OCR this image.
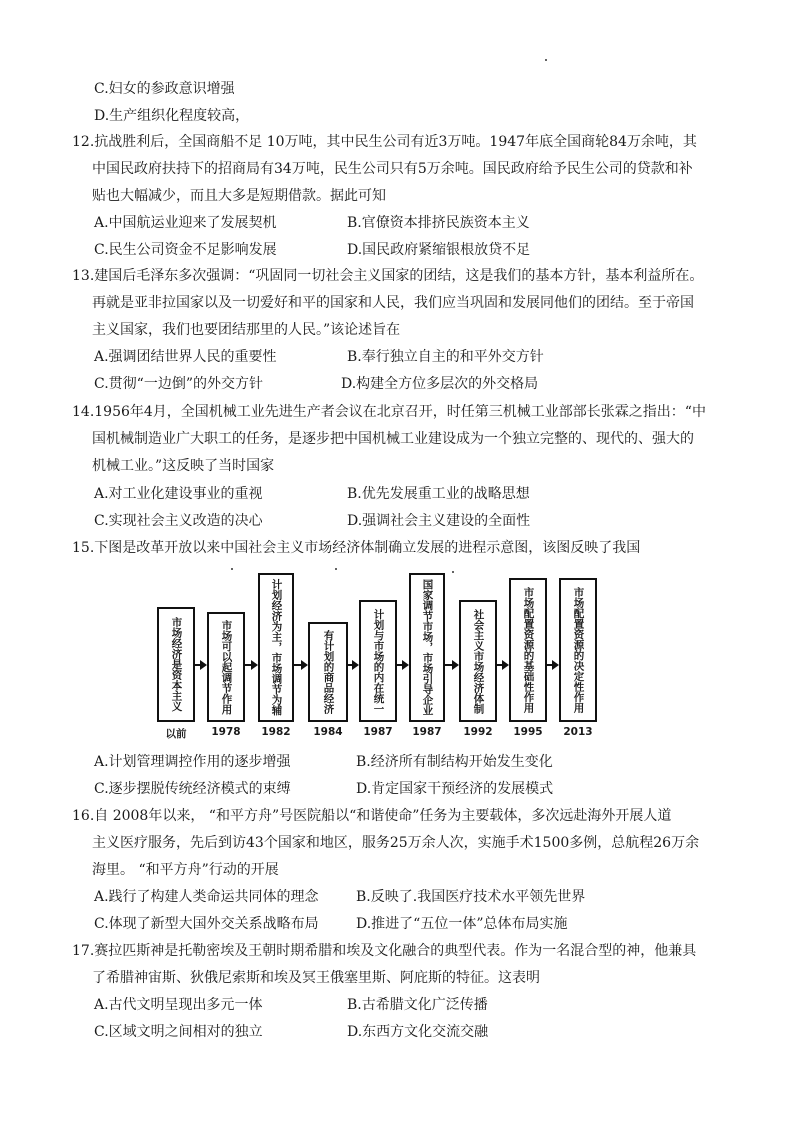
C.妇女的参政意识增强
D.生产组织化程度较高，
12.抗战胜利后，全国商船不足 10万吨，其中民生公司有近3万吨。1947年底全国商轮84万余吨，其
中国民政府扶持下的招商局有34万吨，民生公司只有5万余吨。国民政府给予民生公司的贷款和补
贴也大幅减少，而且大多是短期借款。据此可知
A.中国航运业迎来了发展契机	B.官僚资本排挤民族资本主义
C.民生公司资金不足影响发展	D.国民政府紧缩银根放贷不足
13.建国后毛泽东多次强调：“巩固同一切社会主义国家的团结，这是我们的基本方针，基本利益所在。
再就是亚非拉国家以及一切爱好和平的国家和人民，我们应当巩固和发展同他们的团结。至于帝国
主义国家，我们也要团结那里的人民。”该论述旨在
A.强调团结世界人民的重要性	B.奉行独立自主的和平外交方针
C.贯彻“一边倒”的外交方针	D.构建全方位多层次的外交格局
14.1956年4月，全国机械工业先进生产者会议在北京召开，时任第三机械工业部部长张霖之指出：“中
国机械制造业广大职工的任务，是逐步把中国机械工业建设成为一个独立完整的、现代的、强大的
机械工业。”这反映了当时国家
A.对工业化建设事业的重视	B.优先发展重工业的战略思想
C.实现社会主义改造的决心	D.强调社会主义建设的全面性
15.下图是改革开放以来中国社会主义市场经济体制确立发展的进程示意图，该图反映了我国
市场经济是资本主义	市场可以起调节作用	计划经济为主，市场调节为辅	有计划的商品经济	计划与市场的内在统一	国家调节市场，市场引导企业	社会主义市场经济体制	市场配置资源的基础性作用	市场配置资源的决定性作用
以前	1978	1982	1984	1987	1987	1992	1995	2013
A.计划管理调控作用的逐步增强	B.经济所有制结构开始发生变化
C.逐步摆脱传统经济模式的束缚	D.肯定国家干预经济的发展模式
16.自 2008年以来， “和平方舟”号医院船以“和谐使命”任务为主要载体，多次远赴海外开展人道
主义医疗服务，先后到访43个国家和地区，服务25万余人次，实施手术1500多例，总航程26万余
海里。 “和平方舟”行动的开展
A.践行了构建人类命运共同体的理念	B.反映了.我国医疗技术水平领先世界
C.体现了新型大国外交关系战略布局	D.推进了“五位一体”总体布局实施
17.赛拉匹斯神是托勒密埃及王朝时期希腊和埃及文化融合的典型代表。作为一名混合型的神，他兼具
了希腊神宙斯、狄俄尼索斯和埃及冥王俄塞里斯、阿庇斯的特征。这表明
A.古代文明呈现出多元一体	B.古希腊文化广泛传播
C.区域文明之间相对的独立	D.东西方文化交流交融
